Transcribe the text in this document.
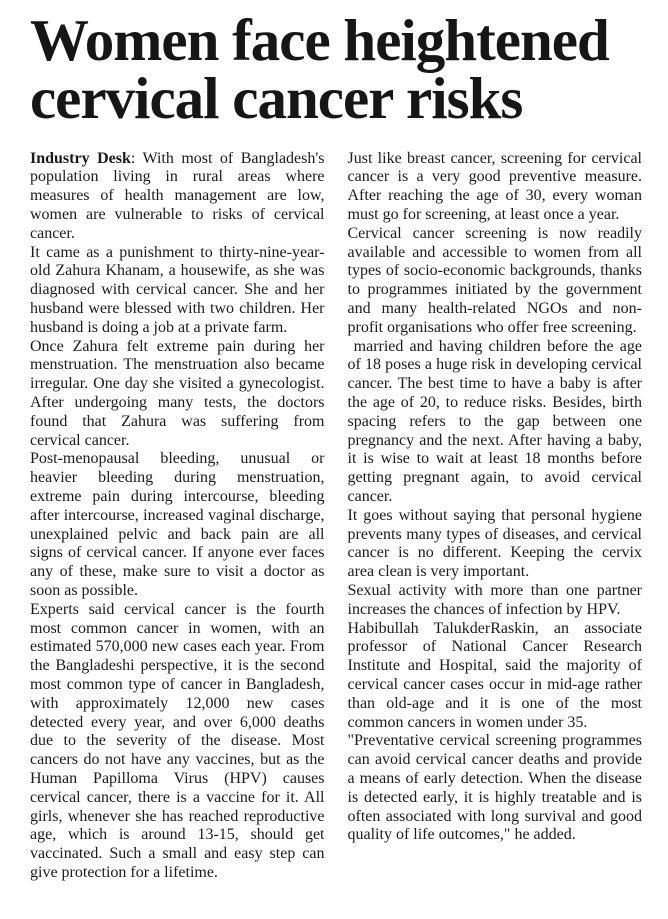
Women face heightened cervical cancer risks

Industry Desk: With most of Bangladesh's population living in rural areas where measures of health management are low, women are vulnerable to risks of cervical cancer.

It came as a punishment to thirty-nine-year-old Zahura Khanam, a housewife, as she was diagnosed with cervical cancer. She and her husband were blessed with two children. Her husband is doing a job at a private farm.

Once Zahura felt extreme pain during her menstruation. The menstruation also became irregular. One day she visited a gynecologist. After undergoing many tests, the doctors found that Zahura was suffering from cervical cancer.

Post-menopausal bleeding, unusual or heavier bleeding during menstruation, extreme pain during intercourse, bleeding after intercourse, increased vaginal discharge, unexplained pelvic and back pain are all signs of cervical cancer. If anyone ever faces any of these, make sure to visit a doctor as soon as possible.

Experts said cervical cancer is the fourth most common cancer in women, with an estimated 570,000 new cases each year. From the Bangladeshi perspective, it is the second most common type of cancer in Bangladesh, with approximately 12,000 new cases detected every year, and over 6,000 deaths due to the severity of the disease. Most cancers do not have any vaccines, but as the Human Papilloma Virus (HPV) causes cervical cancer, there is a vaccine for it. All girls, whenever she has reached reproductive age, which is around 13-15, should get vaccinated. Such a small and easy step can give protection for a lifetime.

Just like breast cancer, screening for cervical cancer is a very good preventive measure. After reaching the age of 30, every woman must go for screening, at least once a year.

Cervical cancer screening is now readily available and accessible to women from all types of socio-economic backgrounds, thanks to programmes initiated by the government and many health-related NGOs and non-profit organisations who offer free screening.

married and having children before the age of 18 poses a huge risk in developing cervical cancer. The best time to have a baby is after the age of 20, to reduce risks. Besides, birth spacing refers to the gap between one pregnancy and the next. After having a baby, it is wise to wait at least 18 months before getting pregnant again, to avoid cervical cancer.

It goes without saying that personal hygiene prevents many types of diseases, and cervical cancer is no different. Keeping the cervix area clean is very important.

Sexual activity with more than one partner increases the chances of infection by HPV.

Habibullah TalukderRaskin, an associate professor of National Cancer Research Institute and Hospital, said the majority of cervical cancer cases occur in mid-age rather than old-age and it is one of the most common cancers in women under 35.

"Preventative cervical screening programmes can avoid cervical cancer deaths and provide a means of early detection. When the disease is detected early, it is highly treatable and is often associated with long survival and good quality of life outcomes," he added.
